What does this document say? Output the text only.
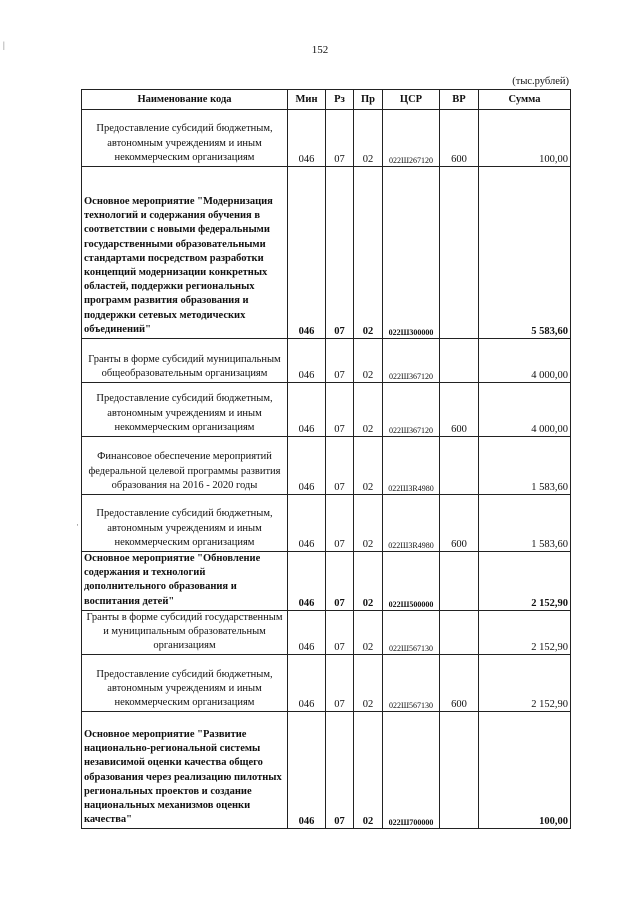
152
(тыс.рублей)
|
·
Наименование кода	Мин	Рз	Пр	ЦСР	ВР	Сумма
Предоставление субсидий бюджетным, автономным учреждениям и иным некоммерческим организациям	046	07	02	022Ш267120	600	100,00
Основное мероприятие "Модернизация технологий и содержания обучения в соответствии с новыми федеральными государственными образовательными стандартами посредством разработки концепций модернизации конкретных областей, поддержки региональных программ развития образования и поддержки сетевых методических объединений"	046	07	02	022Ш300000		5 583,60
Гранты в форме субсидий муниципальным общеобразовательным организациям	046	07	02	022Ш367120		4 000,00
Предоставление субсидий бюджетным, автономным учреждениям и иным некоммерческим организациям	046	07	02	022Ш367120	600	4 000,00
Финансовое обеспечение мероприятий федеральной целевой программы развития образования на 2016 - 2020 годы	046	07	02	022Ш3R4980		1 583,60
Предоставление субсидий бюджетным, автономным учреждениям и иным некоммерческим организациям	046	07	02	022Ш3R4980	600	1 583,60
Основное мероприятие "Обновление содержания и технологий дополнительного образования и воспитания детей"	046	07	02	022Ш500000		2 152,90
Гранты в форме субсидий государственным и муниципальным образовательным организациям	046	07	02	022Ш567130		2 152,90
Предоставление субсидий бюджетным, автономным учреждениям и иным некоммерческим организациям	046	07	02	022Ш567130	600	2 152,90
Основное мероприятие "Развитие национально-региональной системы независимой оценки качества общего образования через реализацию пилотных региональных проектов и создание национальных механизмов оценки качества"	046	07	02	022Ш700000		100,00
